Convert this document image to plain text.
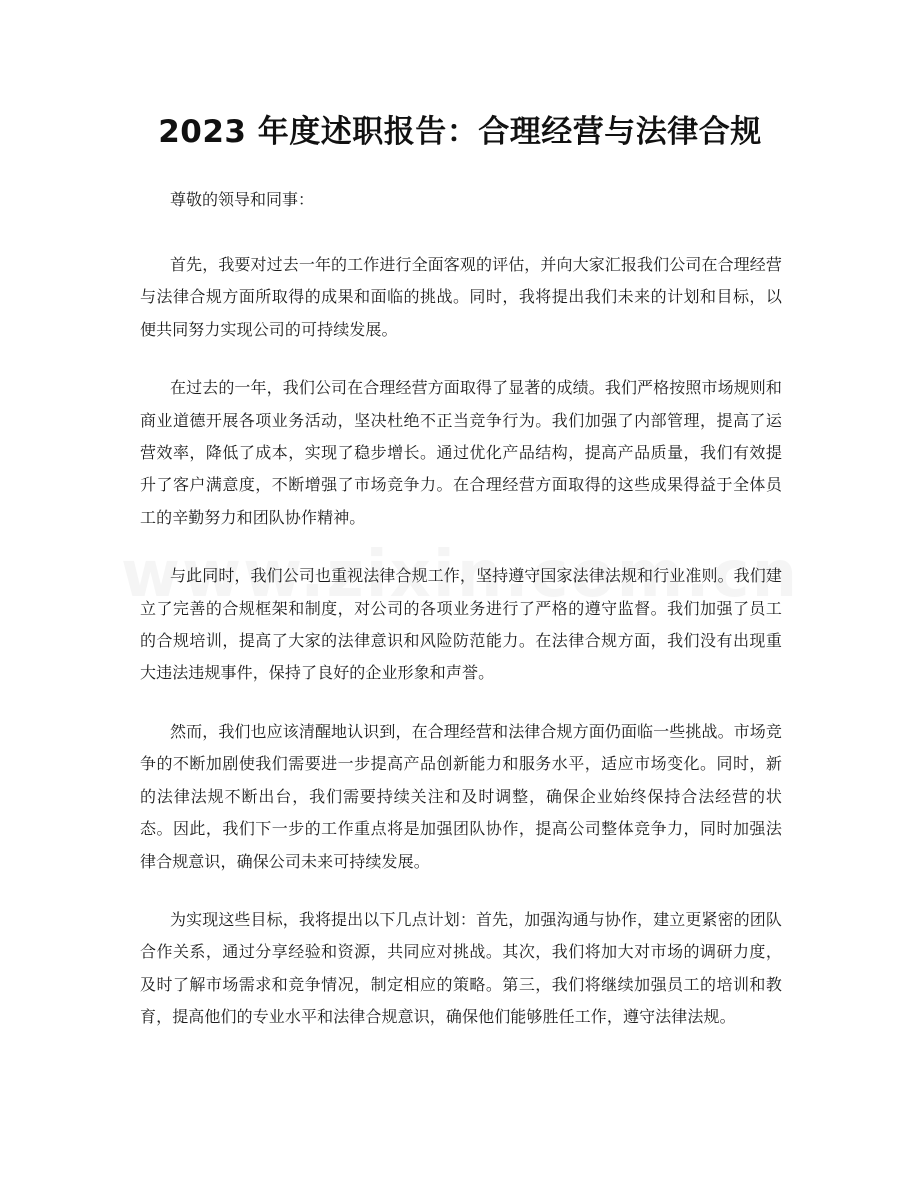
2023 年度述职报告：合理经营与法律合规

尊敬的领导和同事：

首先，我要对过去一年的工作进行全面客观的评估，并向大家汇报我们公司在合理经营与法律合规方面所取得的成果和面临的挑战。同时，我将提出我们未来的计划和目标，以便共同努力实现公司的可持续发展。

在过去的一年，我们公司在合理经营方面取得了显著的成绩。我们严格按照市场规则和商业道德开展各项业务活动，坚决杜绝不正当竞争行为。我们加强了内部管理，提高了运营效率，降低了成本，实现了稳步增长。通过优化产品结构，提高产品质量，我们有效提升了客户满意度，不断增强了市场竞争力。在合理经营方面取得的这些成果得益于全体员工的辛勤努力和团队协作精神。

与此同时，我们公司也重视法律合规工作，坚持遵守国家法律法规和行业准则。我们建立了完善的合规框架和制度，对公司的各项业务进行了严格的遵守监督。我们加强了员工的合规培训，提高了大家的法律意识和风险防范能力。在法律合规方面，我们没有出现重大违法违规事件，保持了良好的企业形象和声誉。

然而，我们也应该清醒地认识到，在合理经营和法律合规方面仍面临一些挑战。市场竞争的不断加剧使我们需要进一步提高产品创新能力和服务水平，适应市场变化。同时，新的法律法规不断出台，我们需要持续关注和及时调整，确保企业始终保持合法经营的状态。因此，我们下一步的工作重点将是加强团队协作，提高公司整体竞争力，同时加强法律合规意识，确保公司未来可持续发展。

为实现这些目标，我将提出以下几点计划：首先，加强沟通与协作，建立更紧密的团队合作关系，通过分享经验和资源，共同应对挑战。其次，我们将加大对市场的调研力度，及时了解市场需求和竞争情况，制定相应的策略。第三，我们将继续加强员工的培训和教育，提高他们的专业水平和法律合规意识，确保他们能够胜任工作，遵守法律法规。
